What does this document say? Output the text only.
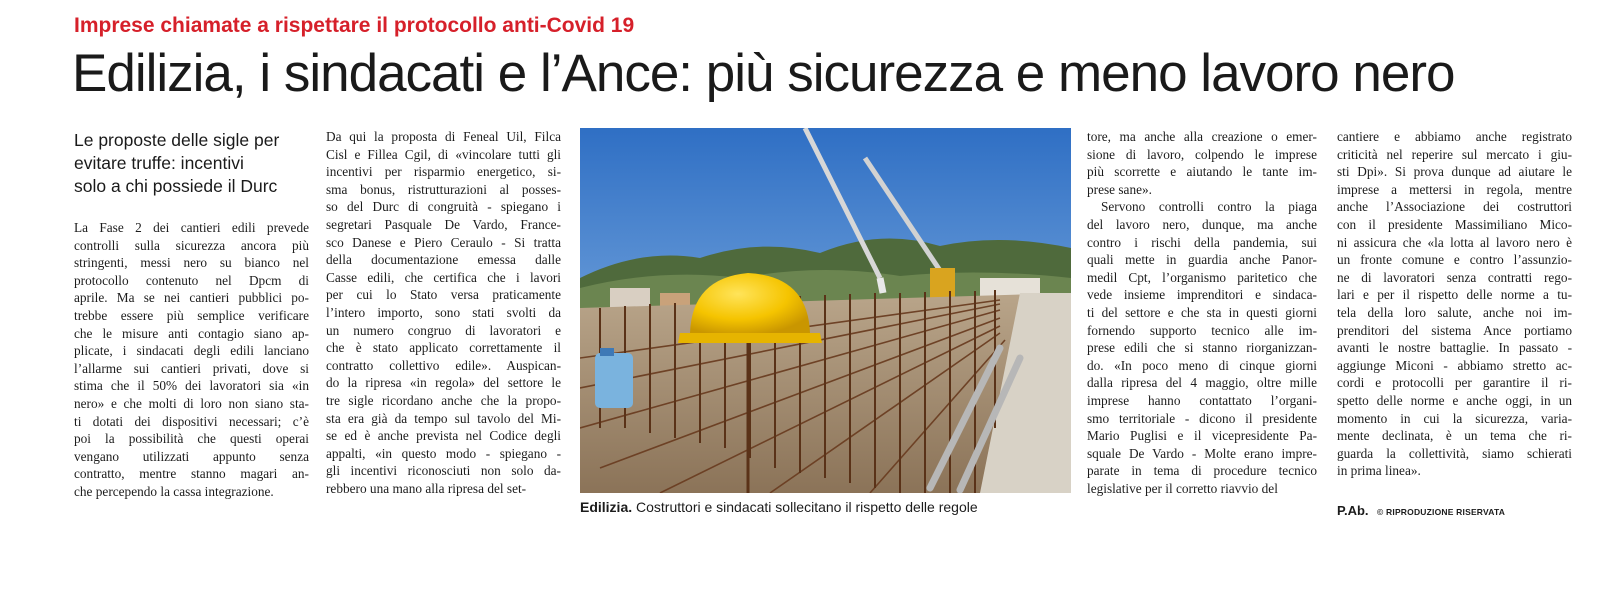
Imprese chiamate a rispettare il protocollo anti-Covid 19
Edilizia, i sindacati e l’Ance: più sicurezza e meno lavoro nero
Le proposte delle sigle per
evitare truffe: incentivi
solo a chi possiede il Durc
La Fase 2 dei cantieri edili prevede
controlli sulla sicurezza ancora più
stringenti, messi nero su bianco nel
protocollo contenuto nel Dpcm di
aprile. Ma se nei cantieri pubblici po-
trebbe essere più semplice verificare
che le misure anti contagio siano ap-
plicate, i sindacati degli edili lanciano
l’allarme sui cantieri privati, dove si
stima che il 50% dei lavoratori sia «in
nero» e che molti di loro non siano sta-
ti dotati dei dispositivi necessari; c’è
poi la possibilità che questi operai
vengano utilizzati appunto senza
contratto, mentre stanno magari an-
che percependo la cassa integrazione.
Da qui la proposta di Feneal Uil, Filca
Cisl e Fillea Cgil, di «vincolare tutti gli
incentivi per risparmio energetico, si-
sma bonus, ristrutturazioni al posses-
so del Durc di congruità - spiegano i
segretari Pasquale De Vardo, France-
sco Danese e Piero Ceraulo - Si tratta
della documentazione emessa dalle
Casse edili, che certifica che i lavori
per cui lo Stato versa praticamente
l’intero importo, sono stati svolti da
un numero congruo di lavoratori e
che è stato applicato correttamente il
contratto collettivo edile». Auspican-
do la ripresa «in regola» del settore le
tre sigle ricordano anche che la propo-
sta era già da tempo sul tavolo del Mi-
se ed è anche prevista nel Codice degli
appalti, «in questo modo - spiegano -
gli incentivi riconosciuti non solo da-
rebbero una mano alla ripresa del set-
Edilizia. Costruttori e sindacati sollecitano il rispetto delle regole
tore, ma anche alla creazione o emer-
sione di lavoro, colpendo le imprese
più scorrette e aiutando le tante im-
prese sane».
Servono controlli contro la piaga
del lavoro nero, dunque, ma anche
contro i rischi della pandemia, sui
quali mette in guardia anche Panor-
medil Cpt, l’organismo paritetico che
vede insieme imprenditori e sindaca-
ti del settore e che sta in questi giorni
fornendo supporto tecnico alle im-
prese edili che si stanno riorganizzan-
do. «In poco meno di cinque giorni
dalla ripresa del 4 maggio, oltre mille
imprese hanno contattato l’organi-
smo territoriale - dicono il presidente
Mario Puglisi e il vicepresidente Pa-
squale De Vardo - Molte erano impre-
parate in tema di procedure tecnico
legislative per il corretto riavvio del
cantiere e abbiamo anche registrato
criticità nel reperire sul mercato i giu-
sti Dpi». Si prova dunque ad aiutare le
imprese a mettersi in regola, mentre
anche l’Associazione dei costruttori
con il presidente Massimiliano Mico-
ni assicura che «la lotta al lavoro nero è
un fronte comune e contro l’assunzio-
ne di lavoratori senza contratti rego-
lari e per il rispetto delle norme a tu-
tela della loro salute, anche noi im-
prenditori del sistema Ance portiamo
avanti le nostre battaglie. In passato -
aggiunge Miconi - abbiamo stretto ac-
cordi e protocolli per garantire il ri-
spetto delle norme e anche oggi, in un
momento in cui la sicurezza, varia-
mente declinata, è un tema che ri-
guarda la collettività, siamo schierati
in prima linea».
P.Ab. © RIPRODUZIONE RISERVATA
